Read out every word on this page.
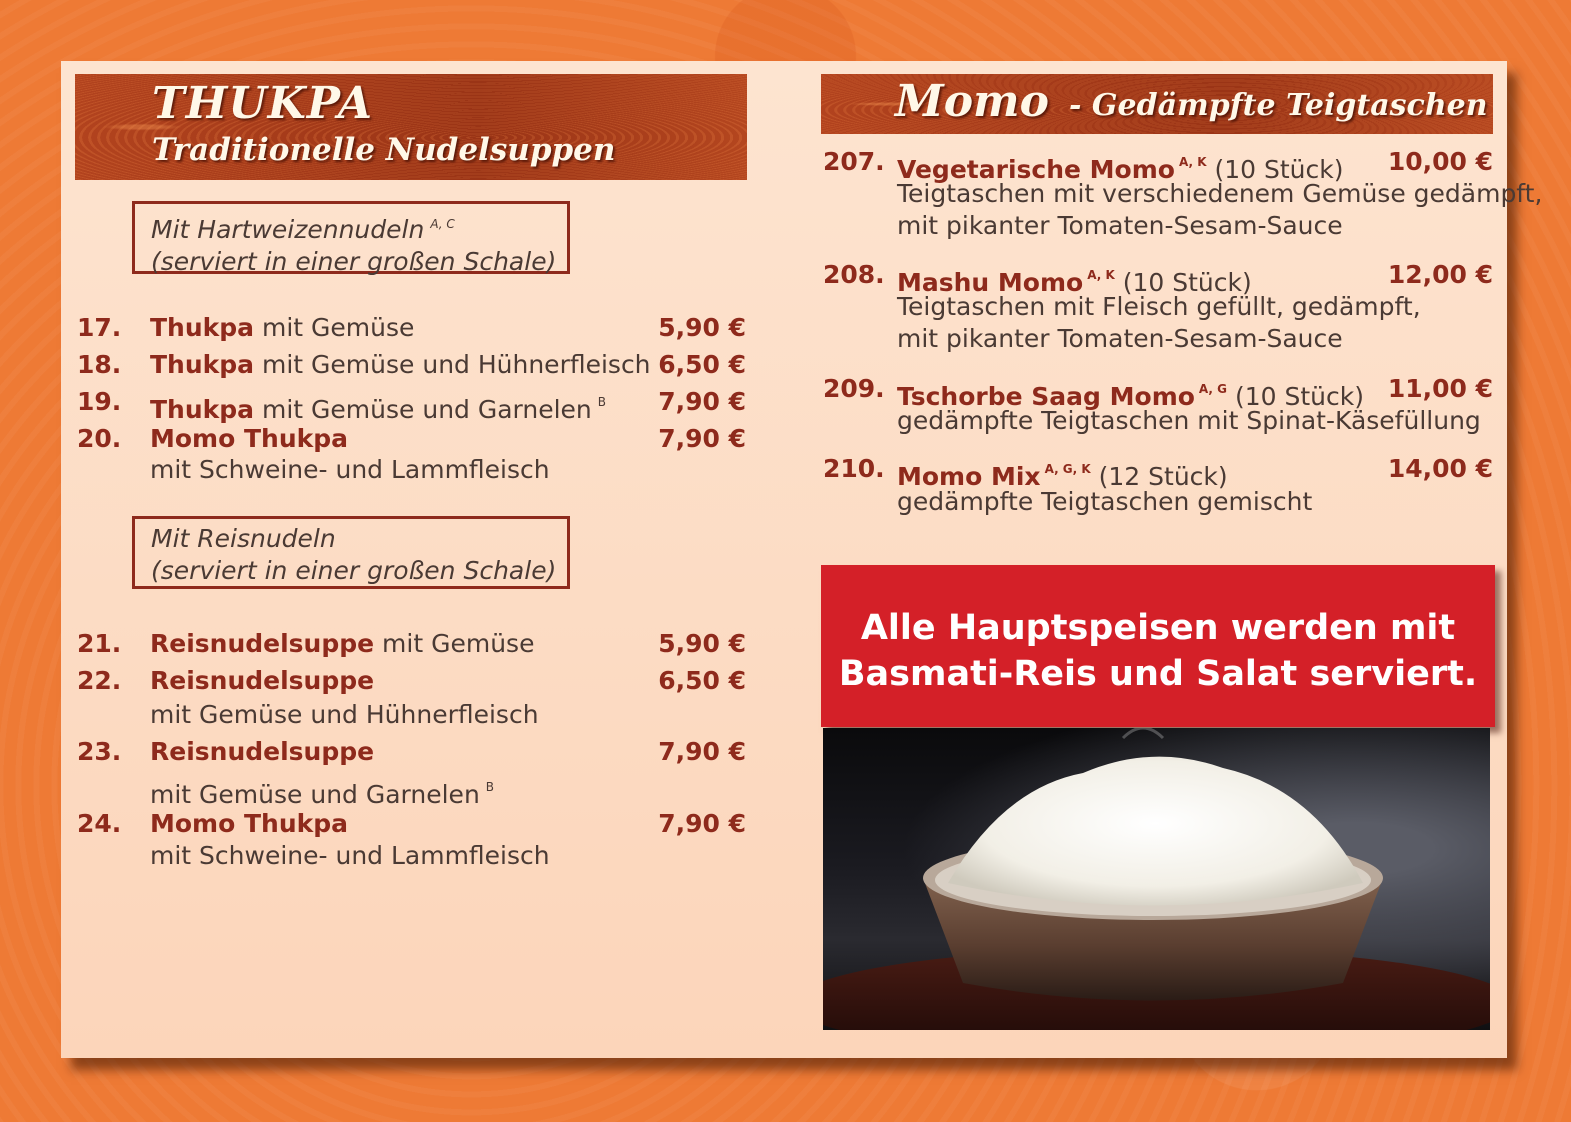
THUKPA
Traditionelle Nudelsuppen
Mit Hartweizennudeln $^{A, C}$
(serviert in einer großen Schale)
17. Thukpa mit Gemüse	5,90 €
18. Thukpa mit Gemüse und Hühnerfleisch 6,50 €
19. Thukpa mit Gemüse und Garnelen $^B$ 7,90 €
20. Momo Thukpa	7,90 €
mit Schweine- und Lammfleisch
Mit Reisnudeln
(serviert in einer großen Schale)
21. Reisnudelsuppe mit Gemüse	5,90 €
22. Reisnudelsuppe	6,50 €
mit Gemüse und Hühnerfleisch
23. Reisnudelsuppe	7,90 €
mit Gemüse und Garnelen $^B$
24. Momo Thukpa	7,90 €
mit Schweine- und Lammfleisch
Momo - Gedämpfte Teigtaschen
207. Vegetarische Momo $^{A, K}$ (10 Stück) 10,00 €
Teigtaschen mit verschiedenem Gemüse gedämpft,
mit pikanter Tomaten-Sesam-Sauce
208. Mashu Momo $^{A, K}$ (10 Stück)	12,00 €
Teigtaschen mit Fleisch gefüllt, gedämpft,
mit pikanter Tomaten-Sesam-Sauce
209. Tschorbe Saag Momo $^{A, G}$ (10 Stück) 11,00 €
gedämpfte Teigtaschen mit Spinat-Käsefüllung
210. Momo Mix $^{A, G, K}$ (12 Stück)	14,00 €
gedämpfte Teigtaschen gemischt
Alle Hauptspeisen werden mit
Basmati-Reis und Salat serviert.
